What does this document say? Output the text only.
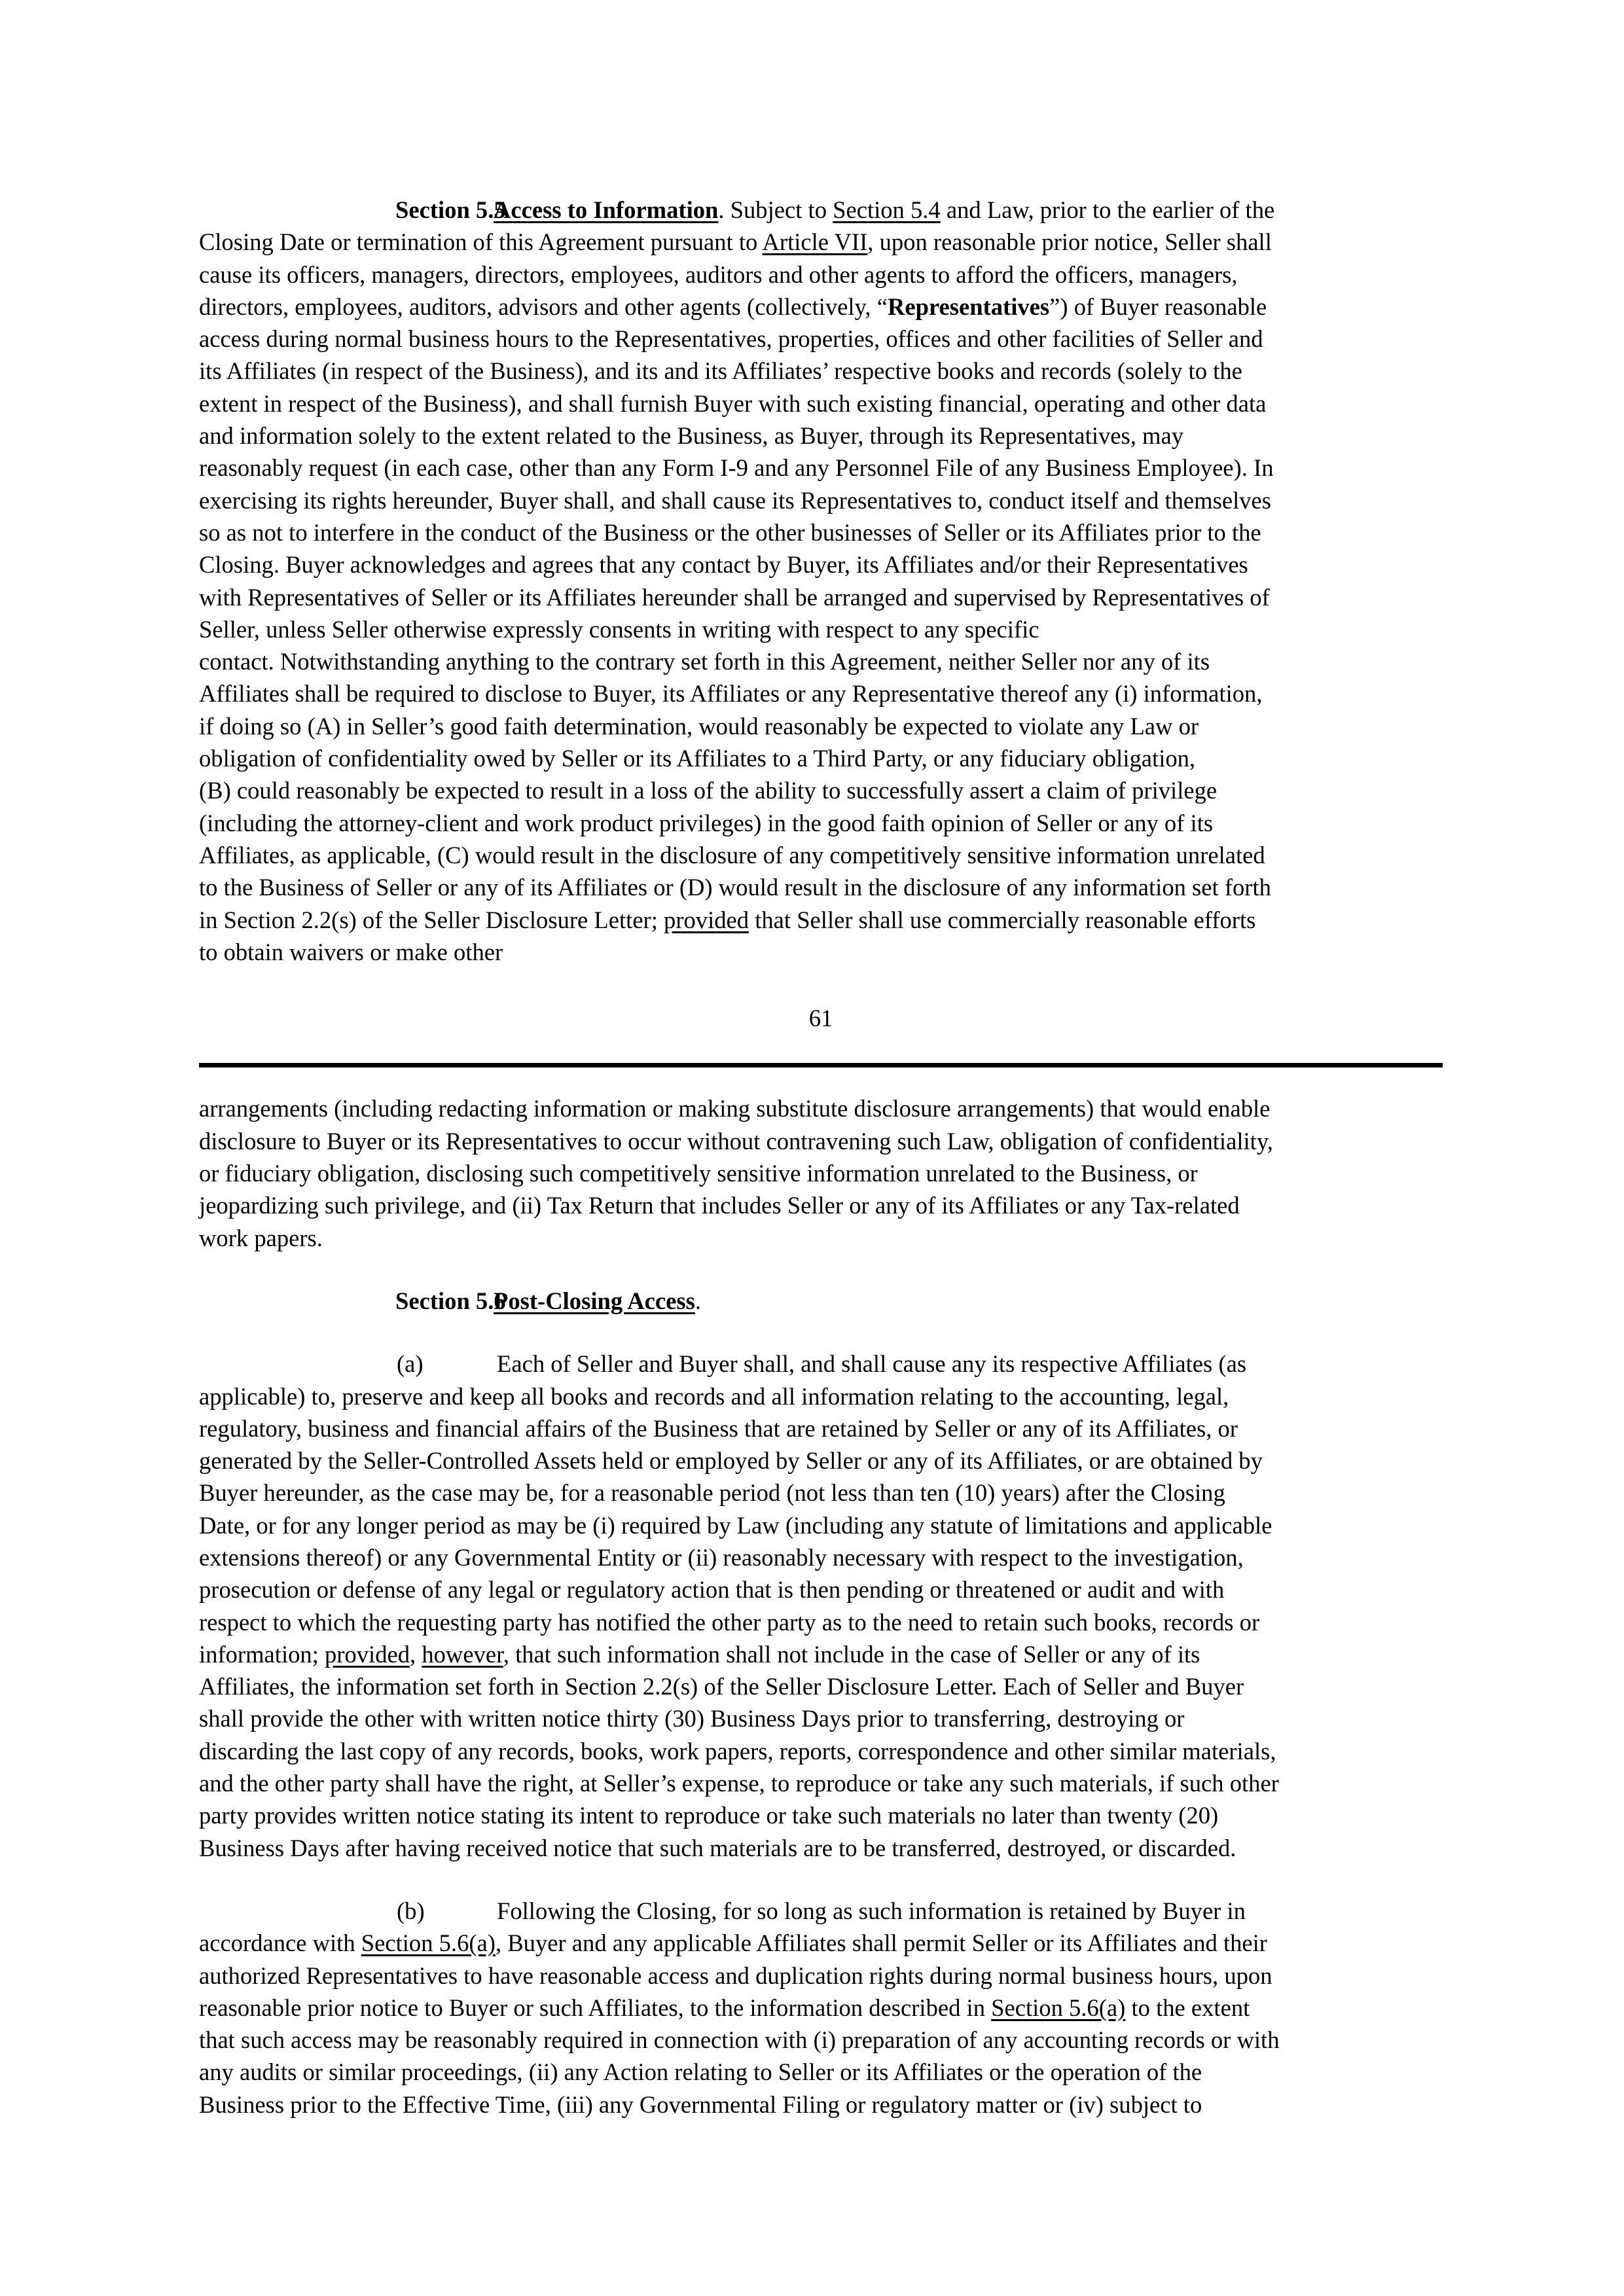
Section 5.5Access to Information. Subject to Section 5.4 and Law, prior to the earlier of the
Closing Date or termination of this Agreement pursuant to Article VII, upon reasonable prior notice, Seller shall
cause its officers, managers, directors, employees, auditors and other agents to afford the officers, managers,
directors, employees, auditors, advisors and other agents (collectively, “Representatives”) of Buyer reasonable
access during normal business hours to the Representatives, properties, offices and other facilities of Seller and
its Affiliates (in respect of the Business), and its and its Affiliates’ respective books and records (solely to the
extent in respect of the Business), and shall furnish Buyer with such existing financial, operating and other data
and information solely to the extent related to the Business, as Buyer, through its Representatives, may
reasonably request (in each case, other than any Form I-9 and any Personnel File of any Business Employee). In
exercising its rights hereunder, Buyer shall, and shall cause its Representatives to, conduct itself and themselves
so as not to interfere in the conduct of the Business or the other businesses of Seller or its Affiliates prior to the
Closing. Buyer acknowledges and agrees that any contact by Buyer, its Affiliates and/or their Representatives
with Representatives of Seller or its Affiliates hereunder shall be arranged and supervised by Representatives of
Seller, unless Seller otherwise expressly consents in writing with respect to any specific
contact. Notwithstanding anything to the contrary set forth in this Agreement, neither Seller nor any of its
Affiliates shall be required to disclose to Buyer, its Affiliates or any Representative thereof any (i) information,
if doing so (A) in Seller’s good faith determination, would reasonably be expected to violate any Law or
obligation of confidentiality owed by Seller or its Affiliates to a Third Party, or any fiduciary obligation,
(B) could reasonably be expected to result in a loss of the ability to successfully assert a claim of privilege
(including the attorney-client and work product privileges) in the good faith opinion of Seller or any of its
Affiliates, as applicable, (C) would result in the disclosure of any competitively sensitive information unrelated
to the Business of Seller or any of its Affiliates or (D) would result in the disclosure of any information set forth
in Section 2.2(s) of the Seller Disclosure Letter; provided that Seller shall use commercially reasonable efforts
to obtain waivers or make other

61

arrangements (including redacting information or making substitute disclosure arrangements) that would enable
disclosure to Buyer or its Representatives to occur without contravening such Law, obligation of confidentiality,
or fiduciary obligation, disclosing such competitively sensitive information unrelated to the Business, or
jeopardizing such privilege, and (ii) Tax Return that includes Seller or any of its Affiliates or any Tax-related
work papers.

Section 5.6Post-Closing Access.

(a)	Each of Seller and Buyer shall, and shall cause any its respective Affiliates (as
applicable) to, preserve and keep all books and records and all information relating to the accounting, legal,
regulatory, business and financial affairs of the Business that are retained by Seller or any of its Affiliates, or
generated by the Seller-Controlled Assets held or employed by Seller or any of its Affiliates, or are obtained by
Buyer hereunder, as the case may be, for a reasonable period (not less than ten (10) years) after the Closing
Date, or for any longer period as may be (i) required by Law (including any statute of limitations and applicable
extensions thereof) or any Governmental Entity or (ii) reasonably necessary with respect to the investigation,
prosecution or defense of any legal or regulatory action that is then pending or threatened or audit and with
respect to which the requesting party has notified the other party as to the need to retain such books, records or
information; provided, however, that such information shall not include in the case of Seller or any of its
Affiliates, the information set forth in Section 2.2(s) of the Seller Disclosure Letter. Each of Seller and Buyer
shall provide the other with written notice thirty (30) Business Days prior to transferring, destroying or
discarding the last copy of any records, books, work papers, reports, correspondence and other similar materials,
and the other party shall have the right, at Seller’s expense, to reproduce or take any such materials, if such other
party provides written notice stating its intent to reproduce or take such materials no later than twenty (20)
Business Days after having received notice that such materials are to be transferred, destroyed, or discarded.

(b)	Following the Closing, for so long as such information is retained by Buyer in
accordance with Section 5.6(a), Buyer and any applicable Affiliates shall permit Seller or its Affiliates and their
authorized Representatives to have reasonable access and duplication rights during normal business hours, upon
reasonable prior notice to Buyer or such Affiliates, to the information described in Section 5.6(a) to the extent
that such access may be reasonably required in connection with (i) preparation of any accounting records or with
any audits or similar proceedings, (ii) any Action relating to Seller or its Affiliates or the operation of the
Business prior to the Effective Time, (iii) any Governmental Filing or regulatory matter or (iv) subject to
